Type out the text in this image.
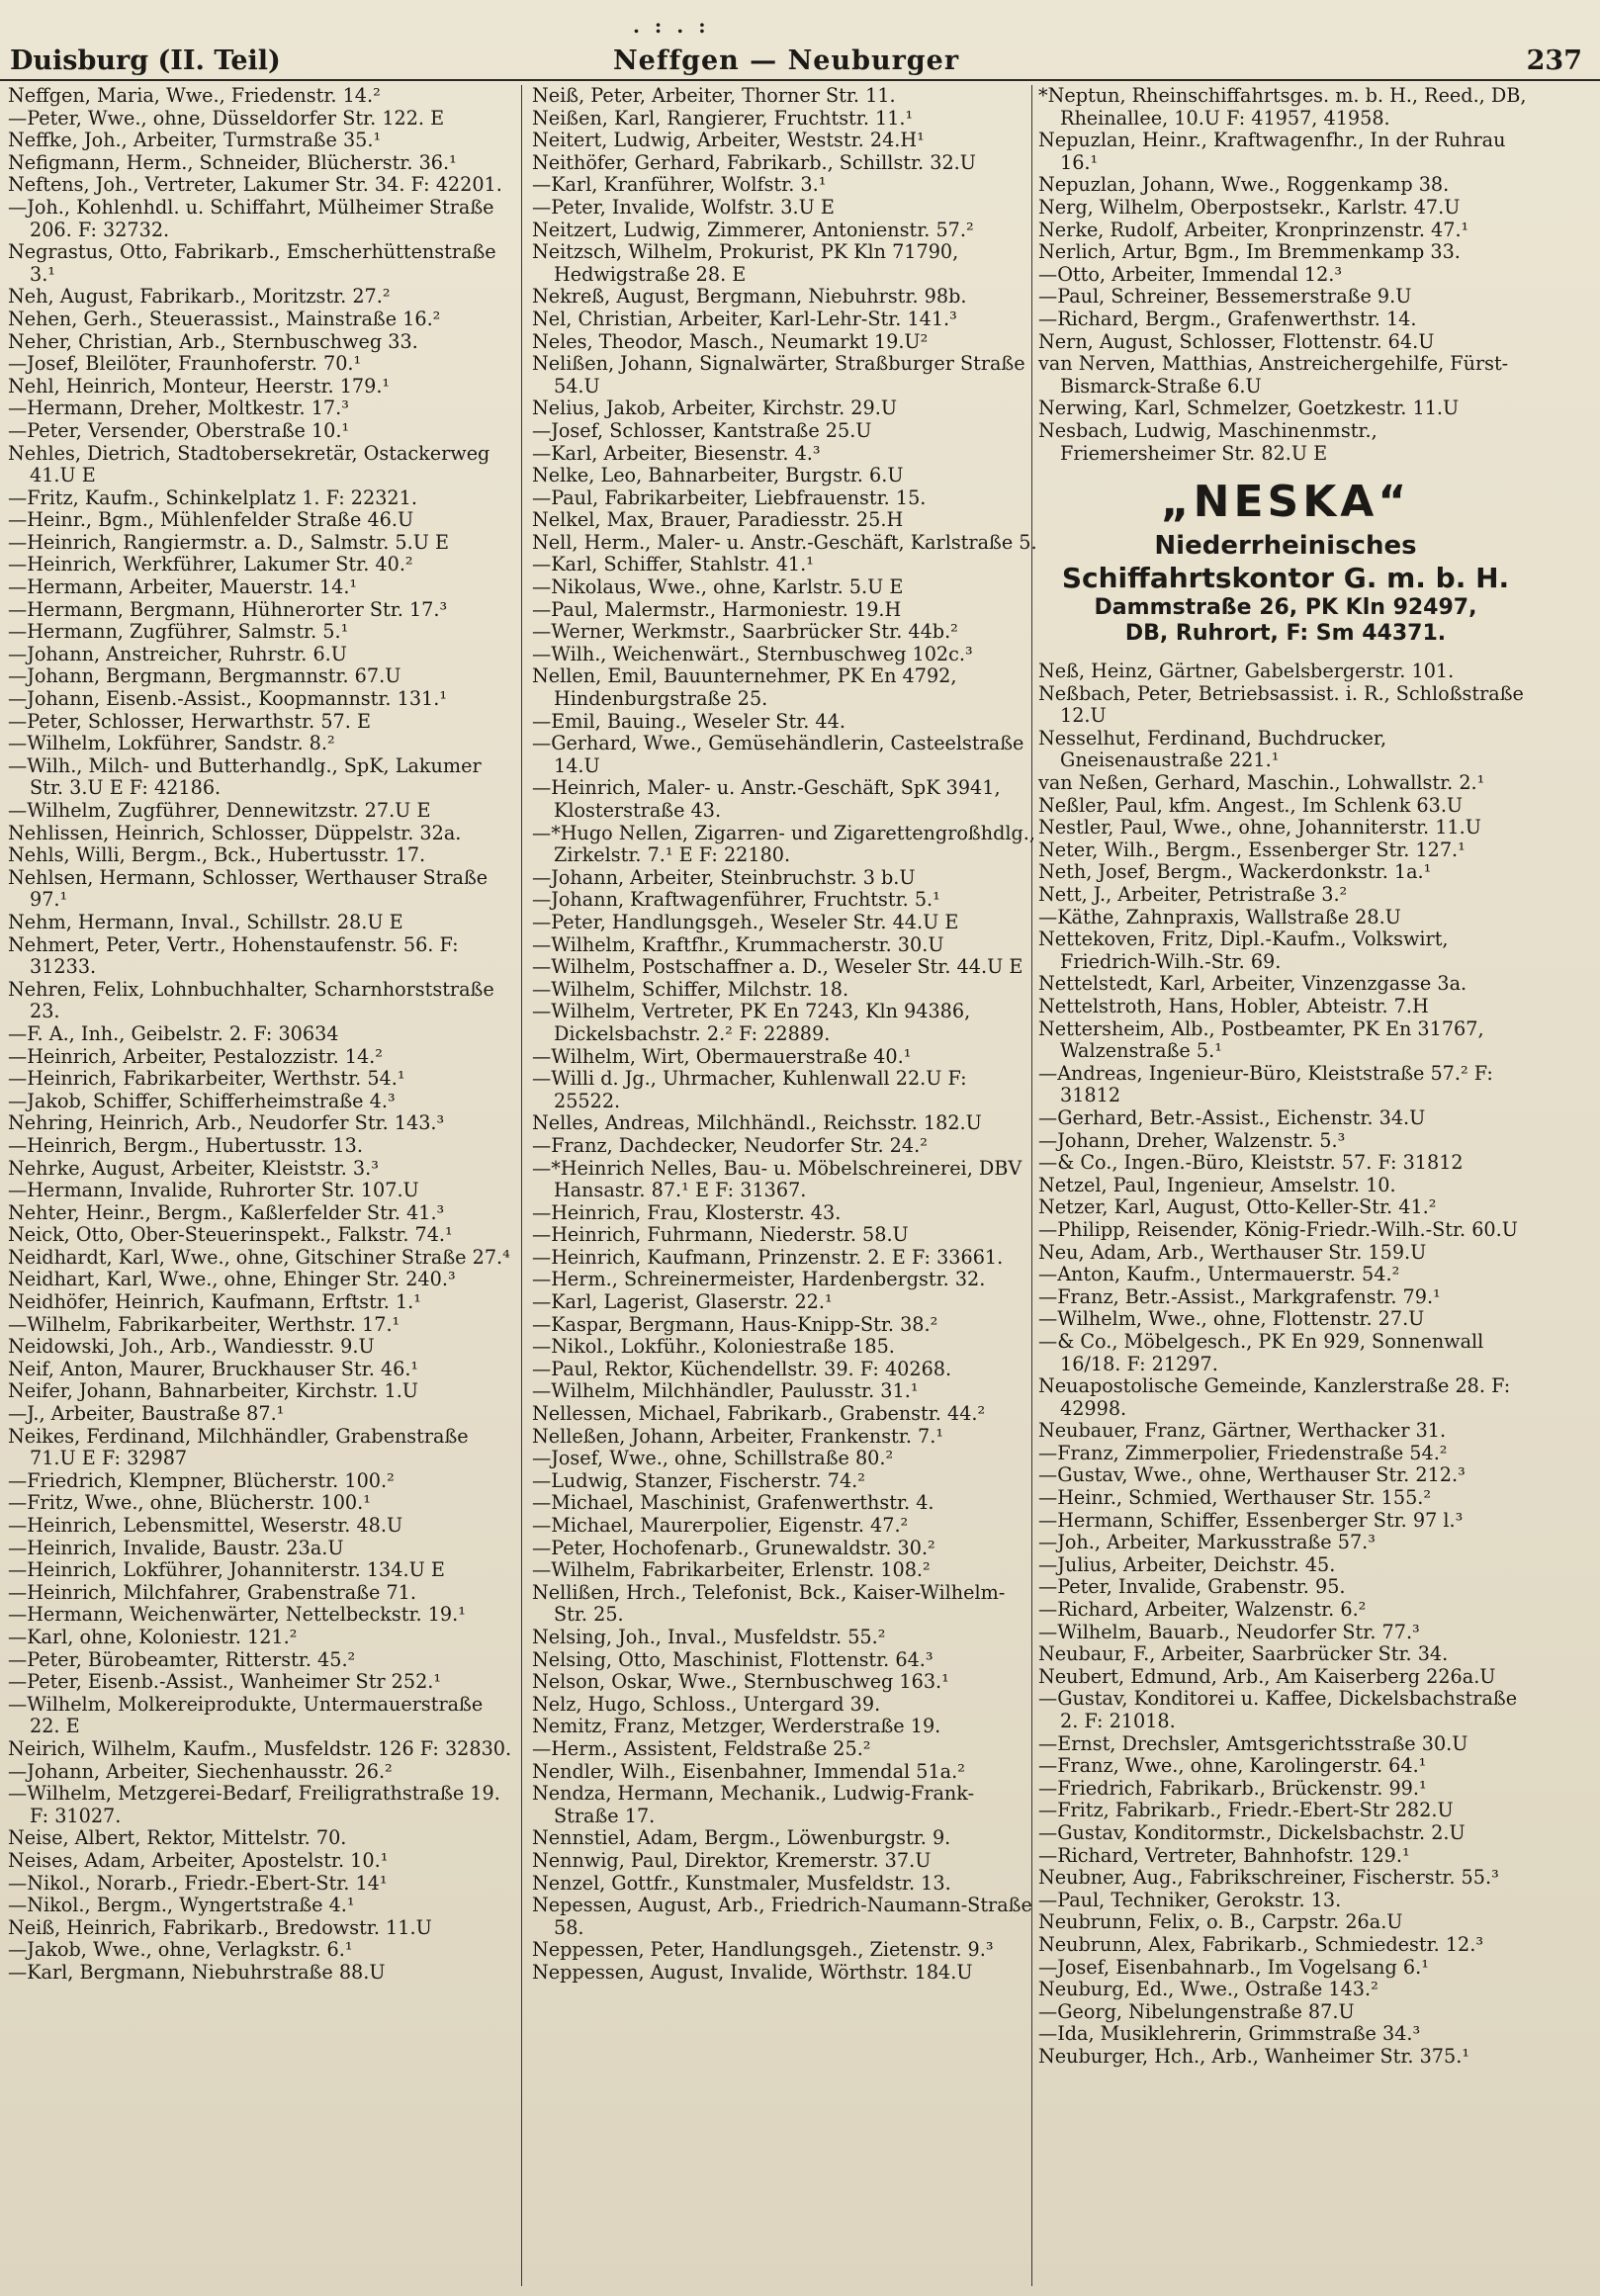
Duisburg (II. Teil)
. : . :
Neffgen — Neuburger	237

Neffgen, Maria, Wwe., Friedenstr. 14.²

—Peter, Wwe., ohne, Düsseldorfer Str. 122. E

Neffke, Joh., Arbeiter, Turmstraße 35.¹

Nefigmann, Herm., Schneider, Blücherstr. 36.¹

Neftens, Joh., Vertreter, Lakumer Str. 34. F: 42201.

—Joh., Kohlenhdl. u. Schiffahrt, Mülheimer Straße 206. F: 32732.

Negrastus, Otto, Fabrikarb., Emscherhüttenstraße 3.¹

Neh, August, Fabrikarb., Moritzstr. 27.²

Nehen, Gerh., Steuerassist., Mainstraße 16.²

Neher, Christian, Arb., Sternbuschweg 33.

—Josef, Bleilöter, Fraunhoferstr. 70.¹

Nehl, Heinrich, Monteur, Heerstr. 179.¹

—Hermann, Dreher, Moltkestr. 17.³

—Peter, Versender, Oberstraße 10.¹

Nehles, Dietrich, Stadtobersekretär, Ostackerweg 41.U E

—Fritz, Kaufm., Schinkelplatz 1. F: 22321.

—Heinr., Bgm., Mühlenfelder Straße 46.U

—Heinrich, Rangiermstr. a. D., Salmstr. 5.U E

—Heinrich, Werkführer, Lakumer Str. 40.²

—Hermann, Arbeiter, Mauerstr. 14.¹

—Hermann, Bergmann, Hühnerorter Str. 17.³

—Hermann, Zugführer, Salmstr. 5.¹

—Johann, Anstreicher, Ruhrstr. 6.U

—Johann, Bergmann, Bergmannstr. 67.U

—Johann, Eisenb.-Assist., Koopmannstr. 131.¹

—Peter, Schlosser, Herwarthstr. 57. E

—Wilhelm, Lokführer, Sandstr. 8.²

—Wilh., Milch- und Butterhandlg., SpK, Lakumer Str. 3.U E F: 42186.

—Wilhelm, Zugführer, Dennewitzstr. 27.U E

Nehlissen, Heinrich, Schlosser, Düppelstr. 32a.

Nehls, Willi, Bergm., Bck., Hubertusstr. 17.

Nehlsen, Hermann, Schlosser, Werthauser Straße 97.¹

Nehm, Hermann, Inval., Schillstr. 28.U E

Nehmert, Peter, Vertr., Hohenstaufenstr. 56. F: 31233.

Nehren, Felix, Lohnbuchhalter, Scharnhorststraße 23.

—F. A., Inh., Geibelstr. 2. F: 30634

—Heinrich, Arbeiter, Pestalozzistr. 14.²

—Heinrich, Fabrikarbeiter, Werthstr. 54.¹

—Jakob, Schiffer, Schifferheimstraße 4.³

Nehring, Heinrich, Arb., Neudorfer Str. 143.³

—Heinrich, Bergm., Hubertusstr. 13.

Nehrke, August, Arbeiter, Kleiststr. 3.³

—Hermann, Invalide, Ruhrorter Str. 107.U

Nehter, Heinr., Bergm., Kaßlerfelder Str. 41.³

Neick, Otto, Ober-Steuerinspekt., Falkstr. 74.¹

Neidhardt, Karl, Wwe., ohne, Gitschiner Straße 27.⁴

Neidhart, Karl, Wwe., ohne, Ehinger Str. 240.³

Neidhöfer, Heinrich, Kaufmann, Erftstr. 1.¹

—Wilhelm, Fabrikarbeiter, Werthstr. 17.¹

Neidowski, Joh., Arb., Wandiesstr. 9.U

Neif, Anton, Maurer, Bruckhauser Str. 46.¹

Neifer, Johann, Bahnarbeiter, Kirchstr. 1.U

—J., Arbeiter, Baustraße 87.¹

Neikes, Ferdinand, Milchhändler, Grabenstraße 71.U E F: 32987

—Friedrich, Klempner, Blücherstr. 100.²

—Fritz, Wwe., ohne, Blücherstr. 100.¹

—Heinrich, Lebensmittel, Weserstr. 48.U

—Heinrich, Invalide, Baustr. 23a.U

—Heinrich, Lokführer, Johanniterstr. 134.U E

—Heinrich, Milchfahrer, Grabenstraße 71.

—Hermann, Weichenwärter, Nettelbeckstr. 19.¹

—Karl, ohne, Koloniestr. 121.²

—Peter, Bürobeamter, Ritterstr. 45.²

—Peter, Eisenb.-Assist., Wanheimer Str 252.¹

—Wilhelm, Molkereiprodukte, Untermauerstraße 22. E

Neirich, Wilhelm, Kaufm., Musfeldstr. 126 F: 32830.

—Johann, Arbeiter, Siechenhausstr. 26.²

—Wilhelm, Metzgerei-Bedarf, Freiligrathstraße 19. F: 31027.

Neise, Albert, Rektor, Mittelstr. 70.

Neises, Adam, Arbeiter, Apostelstr. 10.¹

—Nikol., Norarb., Friedr.-Ebert-Str. 14¹

—Nikol., Bergm., Wyngertstraße 4.¹

Neiß, Heinrich, Fabrikarb., Bredowstr. 11.U

—Jakob, Wwe., ohne, Verlagkstr. 6.¹

—Karl, Bergmann, Niebuhrstraße 88.U

Neiß, Peter, Arbeiter, Thorner Str. 11.

Neißen, Karl, Rangierer, Fruchtstr. 11.¹

Neitert, Ludwig, Arbeiter, Weststr. 24.H¹

Neithöfer, Gerhard, Fabrikarb., Schillstr. 32.U

—Karl, Kranführer, Wolfstr. 3.¹

—Peter, Invalide, Wolfstr. 3.U E

Neitzert, Ludwig, Zimmerer, Antonienstr. 57.²

Neitzsch, Wilhelm, Prokurist, PK Kln 71790, Hedwigstraße 28. E

Nekreß, August, Bergmann, Niebuhrstr. 98b.

Nel, Christian, Arbeiter, Karl-Lehr-Str. 141.³

Neles, Theodor, Masch., Neumarkt 19.U²

Nelißen, Johann, Signalwärter, Straßburger Straße 54.U

Nelius, Jakob, Arbeiter, Kirchstr. 29.U

—Josef, Schlosser, Kantstraße 25.U

—Karl, Arbeiter, Biesenstr. 4.³

Nelke, Leo, Bahnarbeiter, Burgstr. 6.U

—Paul, Fabrikarbeiter, Liebfrauenstr. 15.

Nelkel, Max, Brauer, Paradiesstr. 25.H

Nell, Herm., Maler- u. Anstr.-Geschäft, Karlstraße 5.

—Karl, Schiffer, Stahlstr. 41.¹

—Nikolaus, Wwe., ohne, Karlstr. 5.U E

—Paul, Malermstr., Harmoniestr. 19.H

—Werner, Werkmstr., Saarbrücker Str. 44b.²

—Wilh., Weichenwärt., Sternbuschweg 102c.³

Nellen, Emil, Bauunternehmer, PK En 4792, Hindenburgstraße 25.

—Emil, Bauing., Weseler Str. 44.

—Gerhard, Wwe., Gemüsehändlerin, Casteelstraße 14.U

—Heinrich, Maler- u. Anstr.-Geschäft, SpK 3941, Klosterstraße 43.

—*Hugo Nellen, Zigarren- und Zigarettengroßhdlg., Zirkelstr. 7.¹ E F: 22180.

—Johann, Arbeiter, Steinbruchstr. 3 b.U

—Johann, Kraftwagenführer, Fruchtstr. 5.¹

—Peter, Handlungsgeh., Weseler Str. 44.U E

—Wilhelm, Kraftfhr., Krummacherstr. 30.U

—Wilhelm, Postschaffner a. D., Weseler Str. 44.U E

—Wilhelm, Schiffer, Milchstr. 18.

—Wilhelm, Vertreter, PK En 7243, Kln 94386, Dickelsbachstr. 2.² F: 22889.

—Wilhelm, Wirt, Obermauerstraße 40.¹

—Willi d. Jg., Uhrmacher, Kuhlenwall 22.U F: 25522.

Nelles, Andreas, Milchhändl., Reichsstr. 182.U

—Franz, Dachdecker, Neudorfer Str. 24.²

—*Heinrich Nelles, Bau- u. Möbelschreinerei, DBV Hansastr. 87.¹ E F: 31367.

—Heinrich, Frau, Klosterstr. 43.

—Heinrich, Fuhrmann, Niederstr. 58.U

—Heinrich, Kaufmann, Prinzenstr. 2. E F: 33661.

—Herm., Schreinermeister, Hardenbergstr. 32.

—Karl, Lagerist, Glaserstr. 22.¹

—Kaspar, Bergmann, Haus-Knipp-Str. 38.²

—Nikol., Lokführ., Koloniestraße 185.

—Paul, Rektor, Küchendellstr. 39. F: 40268.

—Wilhelm, Milchhändler, Paulusstr. 31.¹

Nellessen, Michael, Fabrikarb., Grabenstr. 44.²

Nelleßen, Johann, Arbeiter, Frankenstr. 7.¹

—Josef, Wwe., ohne, Schillstraße 80.²

—Ludwig, Stanzer, Fischerstr. 74.²

—Michael, Maschinist, Grafenwerthstr. 4.

—Michael, Maurerpolier, Eigenstr. 47.²

—Peter, Hochofenarb., Grunewaldstr. 30.²

—Wilhelm, Fabrikarbeiter, Erlenstr. 108.²

Nellißen, Hrch., Telefonist, Bck., Kaiser-Wilhelm-Str. 25.

Nelsing, Joh., Inval., Musfeldstr. 55.²

Nelsing, Otto, Maschinist, Flottenstr. 64.³

Nelson, Oskar, Wwe., Sternbuschweg 163.¹

Nelz, Hugo, Schloss., Untergard 39.

Nemitz, Franz, Metzger, Werderstraße 19.

—Herm., Assistent, Feldstraße 25.²

Nendler, Wilh., Eisenbahner, Immendal 51a.²

Nendza, Hermann, Mechanik., Ludwig-Frank-Straße 17.

Nennstiel, Adam, Bergm., Löwenburgstr. 9.

Nennwig, Paul, Direktor, Kremerstr. 37.U

Nenzel, Gottfr., Kunstmaler, Musfeldstr. 13.

Nepessen, August, Arb., Friedrich-Naumann-Straße 58.

Neppessen, Peter, Handlungsgeh., Zietenstr. 9.³

Neppessen, August, Invalide, Wörthstr. 184.U

*Neptun, Rheinschiffahrtsges. m. b. H., Reed., DB, Rheinallee, 10.U F: 41957, 41958.

Nepuzlan, Heinr., Kraftwagenfhr., In der Ruhrau 16.¹

Nepuzlan, Johann, Wwe., Roggenkamp 38.

Nerg, Wilhelm, Oberpostsekr., Karlstr. 47.U

Nerke, Rudolf, Arbeiter, Kronprinzenstr. 47.¹

Nerlich, Artur, Bgm., Im Bremmenkamp 33.

—Otto, Arbeiter, Immendal 12.³

—Paul, Schreiner, Bessemerstraße 9.U

—Richard, Bergm., Grafenwerthstr. 14.

Nern, August, Schlosser, Flottenstr. 64.U

van Nerven, Matthias, Anstreichergehilfe, Fürst-Bismarck-Straße 6.U

Nerwing, Karl, Schmelzer, Goetzkestr. 11.U

Nesbach, Ludwig, Maschinenmstr., Friemersheimer Str. 82.U E

„NESKA“
Niederrheinisches
Schiffahrtskontor G. m. b. H.
Dammstraße 26, PK Kln 92497,
DB, Ruhrort, F: Sm 44371.

Neß, Heinz, Gärtner, Gabelsbergerstr. 101.

Neßbach, Peter, Betriebsassist. i. R., Schloßstraße 12.U

Nesselhut, Ferdinand, Buchdrucker, Gneisenaustraße 221.¹

van Neßen, Gerhard, Maschin., Lohwallstr. 2.¹

Neßler, Paul, kfm. Angest., Im Schlenk 63.U

Nestler, Paul, Wwe., ohne, Johanniterstr. 11.U

Neter, Wilh., Bergm., Essenberger Str. 127.¹

Neth, Josef, Bergm., Wackerdonkstr. 1a.¹

Nett, J., Arbeiter, Petristraße 3.²

—Käthe, Zahnpraxis, Wallstraße 28.U

Nettekoven, Fritz, Dipl.-Kaufm., Volkswirt, Friedrich-Wilh.-Str. 69.

Nettelstedt, Karl, Arbeiter, Vinzenzgasse 3a.

Nettelstroth, Hans, Hobler, Abteistr. 7.H

Nettersheim, Alb., Postbeamter, PK En 31767, Walzenstraße 5.¹

—Andreas, Ingenieur-Büro, Kleiststraße 57.² F: 31812

—Gerhard, Betr.-Assist., Eichenstr. 34.U

—Johann, Dreher, Walzenstr. 5.³

—& Co., Ingen.-Büro, Kleiststr. 57. F: 31812

Netzel, Paul, Ingenieur, Amselstr. 10.

Netzer, Karl, August, Otto-Keller-Str. 41.²

—Philipp, Reisender, König-Friedr.-Wilh.-Str. 60.U

Neu, Adam, Arb., Werthauser Str. 159.U

—Anton, Kaufm., Untermauerstr. 54.²

—Franz, Betr.-Assist., Markgrafenstr. 79.¹

—Wilhelm, Wwe., ohne, Flottenstr. 27.U

—& Co., Möbelgesch., PK En 929, Sonnenwall 16/18. F: 21297.

Neuapostolische Gemeinde, Kanzlerstraße 28. F: 42998.

Neubauer, Franz, Gärtner, Werthacker 31.

—Franz, Zimmerpolier, Friedenstraße 54.²

—Gustav, Wwe., ohne, Werthauser Str. 212.³

—Heinr., Schmied, Werthauser Str. 155.²

—Hermann, Schiffer, Essenberger Str. 97 l.³

—Joh., Arbeiter, Markusstraße 57.³

—Julius, Arbeiter, Deichstr. 45.

—Peter, Invalide, Grabenstr. 95.

—Richard, Arbeiter, Walzenstr. 6.²

—Wilhelm, Bauarb., Neudorfer Str. 77.³

Neubaur, F., Arbeiter, Saarbrücker Str. 34.

Neubert, Edmund, Arb., Am Kaiserberg 226a.U

—Gustav, Konditorei u. Kaffee, Dickelsbachstraße 2. F: 21018.

—Ernst, Drechsler, Amtsgerichtsstraße 30.U

—Franz, Wwe., ohne, Karolingerstr. 64.¹

—Friedrich, Fabrikarb., Brückenstr. 99.¹

—Fritz, Fabrikarb., Friedr.-Ebert-Str 282.U

—Gustav, Konditormstr., Dickelsbachstr. 2.U

—Richard, Vertreter, Bahnhofstr. 129.¹

Neubner, Aug., Fabrikschreiner, Fischerstr. 55.³

—Paul, Techniker, Gerokstr. 13.

Neubrunn, Felix, o. B., Carpstr. 26a.U

Neubrunn, Alex, Fabrikarb., Schmiedestr. 12.³

—Josef, Eisenbahnarb., Im Vogelsang 6.¹

Neuburg, Ed., Wwe., Ostraße 143.²

—Georg, Nibelungenstraße 87.U

—Ida, Musiklehrerin, Grimmstraße 34.³

Neuburger, Hch., Arb., Wanheimer Str. 375.¹
